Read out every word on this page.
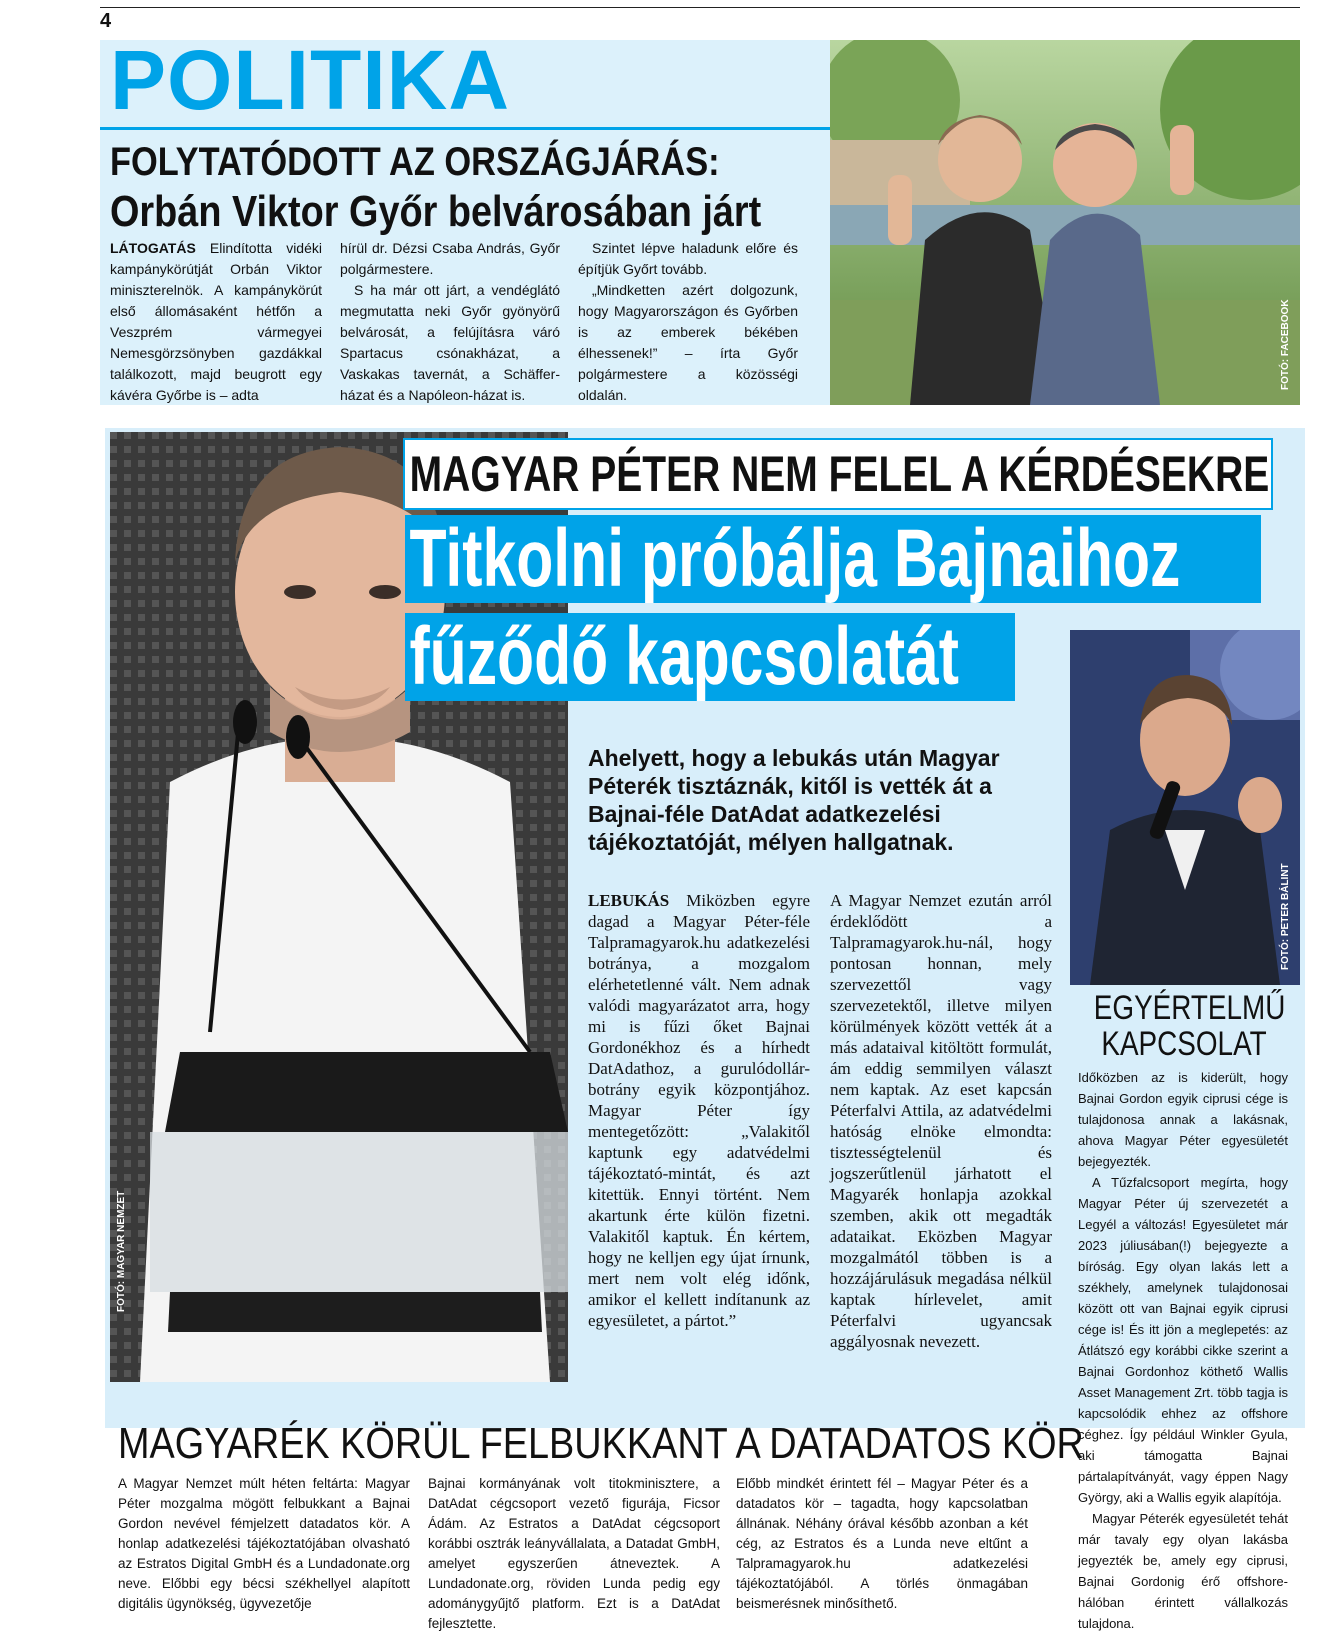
4
POLITIKA
FOLYTATÓDOTT AZ ORSZÁGJÁRÁS:
Orbán Viktor Győr belvárosában járt

LÁTOGATÁS Elindította vidéki kampánykörútját Orbán Viktor miniszterelnök. A kampánykörút első állomásaként hétfőn a Veszprém vármegyei Nemesgörzsönyben gazdákkal találkozott, majd beugrott egy kávéra Győrbe is – adta

hírül dr. Dézsi Csaba András, Győr polgármestere.

S ha már ott járt, a vendéglátó megmutatta neki Győr gyönyörű belvárosát, a felújításra váró Spartacus csónakházat, a Vaskakas tavernát, a Schäffer-házat és a Napóleon-házat is.

Szintet lépve haladunk előre és építjük Győrt tovább.

„Mindketten azért dolgozunk, hogy Magyarországon és Győrben is az emberek békében élhessenek!” – írta Győr polgármestere a közösségi oldalán.

FOTÓ: FACEBOOK
FOTÓ: MAGYAR NEMZET
MAGYAR PÉTER NEM FELEL A KÉRDÉSEKRE
Titkolni próbálja Bajnaihoz
fűződő kapcsolatát
FOTÓ: PETER BÁLINT
Ahelyett, hogy a lebukás után Magyar Péterék tisztáznák, kitől is vették át a Bajnai-féle DatAdat adatkezelési tájékoztatóját, mélyen hallgatnak.
LEBUKÁS Miközben egyre dagad a Magyar Péter-féle Talpramagyarok.hu adatkezelési botránya, a mozgalom elérhetetlenné vált. Nem adnak valódi magyarázatot arra, hogy mi is fűzi őket Bajnai Gordonékhoz és a hírhedt DatAdathoz, a gurulódollár-botrány egyik központjához. Magyar Péter így mentegetőzött: „Valakitől kaptunk egy adatvédelmi tájékoztató-mintát, és azt kitettük. Ennyi történt. Nem akartunk érte külön fizetni. Valakitől kaptuk. Én kértem, hogy ne kelljen egy újat írnunk, mert nem volt elég időnk, amikor el kellett indítanunk az egyesületet, a pártot.”
A Magyar Nemzet ezután arról érdeklődött a Talpramagyarok.hu-nál, hogy pontosan honnan, mely szervezettől vagy szervezetektől, illetve milyen körülmények között vették át a más adataival kitöltött formulát, ám eddig semmilyen választ nem kaptak. Az eset kapcsán Péterfalvi Attila, az adatvédelmi hatóság elnöke elmondta: tisztességtelenül és jogszerűtlenül járhatott el Magyarék honlapja azokkal szemben, akik ott megadták adataikat. Eközben Magyar mozgalmától többen is a hozzájárulásuk megadása nélkül kaptak hírlevelet, amit Péterfalvi ugyancsak aggályosnak nevezett.
EGYÉRTELMŰ
KAPCSOLAT

Időközben az is kiderült, hogy Bajnai Gordon egyik ciprusi cége is tulajdonosa annak a lakásnak, ahova Magyar Péter egyesületét bejegyezték.

A Tűzfalcsoport megírta, hogy Magyar Péter új szervezetét a Legyél a változás! Egyesületet már 2023 júliusában(!) bejegyezte a bíróság. Egy olyan lakás lett a székhely, amelynek tulajdonosai között ott van Bajnai egyik ciprusi cége is! És itt jön a meglepetés: az Átlátszó egy korábbi cikke szerint a Bajnai Gordonhoz köthető Wallis Asset Management Zrt. több tagja is kapcsolódik ehhez az offshore céghez. Így például Winkler Gyula, aki támogatta Bajnai pártalapítványát, vagy éppen Nagy György, aki a Wallis egyik alapítója.

Magyar Péterék egyesületét tehát már tavaly egy olyan lakásba jegyezték be, amely egy ciprusi, Bajnai Gordonig érő offshore-hálóban érintett vállalkozás tulajdona.

MAGYARÉK KÖRÜL FELBUKKANT A DATADATOS KÖR
A Magyar Nemzet múlt héten feltárta: Magyar Péter mozgalma mögött felbukkant a Bajnai Gordon nevével fémjelzett datadatos kör. A honlap adatkezelési tájékoztatójában olvasható az Estratos Digital GmbH és a Lundadonate.org neve. Előbbi egy bécsi székhellyel alapított digitális ügynökség, ügyvezetője
Bajnai kormányának volt titokminisztere, a DatAdat cégcsoport vezető figurája, Ficsor Ádám. Az Estratos a DatAdat cégcsoport korábbi osztrák leányvállalata, a Datadat GmbH, amelyet egyszerűen átneveztek. A Lundadonate.org, röviden Lunda pedig egy adománygyűjtő platform. Ezt is a DatAdat fejlesztette.
Előbb mindkét érintett fél – Magyar Péter és a datadatos kör – tagadta, hogy kapcsolatban állnának. Néhány órával később azonban a két cég, az Estratos és a Lunda neve eltűnt a Talpramagyarok.hu adatkezelési tájékoztatójából. A törlés önmagában beismerésnek minősíthető.
